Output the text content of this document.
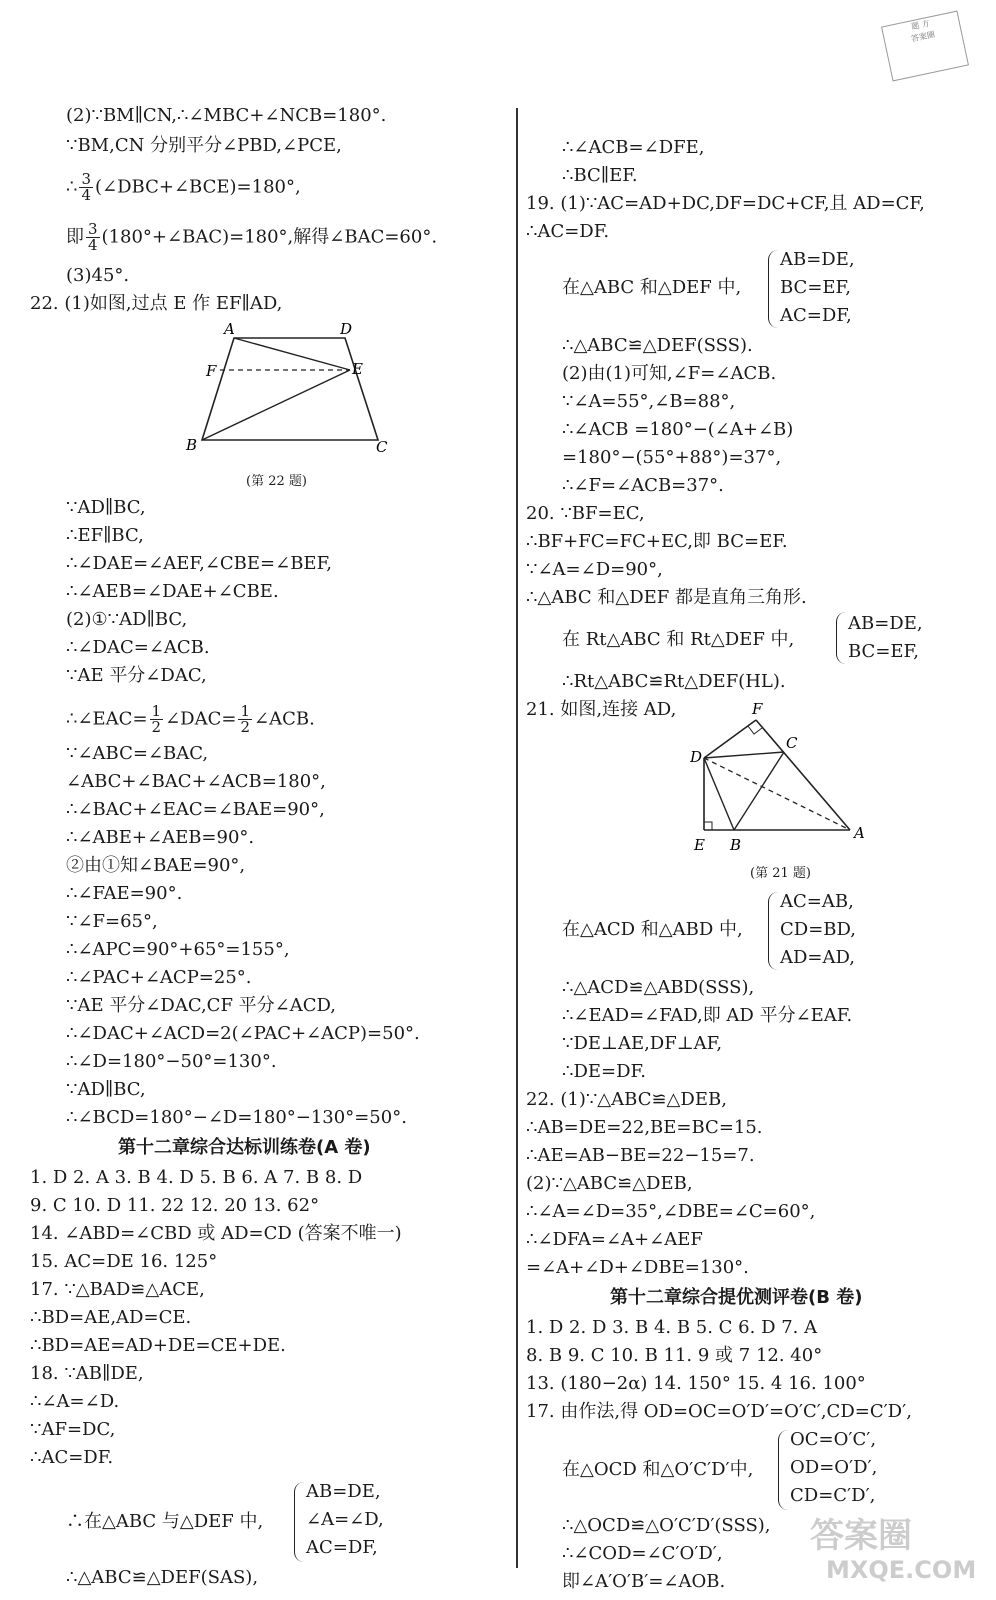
(2)∵BM∥CN,∴∠MBC+∠NCB=180°.
∵BM,CN 分别平分∠PBD,∠PCE,
∴ $\frac{3}{4}$ (∠DBC+∠BCE)=180°,
即 $\frac{3}{4}$ (180°+∠BAC)=180°,解得∠BAC=60°.
(3)45°.
22. (1)如图,过点 E 作 EF∥AD,
A	D
F	E
B	C
(第 22 题)
∵AD∥BC,
∴EF∥BC,
∴∠DAE=∠AEF,∠CBE=∠BEF,
∴∠AEB=∠DAE+∠CBE.
(2)①∵AD∥BC,
∴∠DAC=∠ACB.
∵AE 平分∠DAC,
∴∠EAC= $\frac{1}{2}$ ∠DAC= $\frac{1}{2}$ ∠ACB.
∵∠ABC=∠BAC,
∠ABC+∠BAC+∠ACB=180°,
∴∠BAC+∠EAC=∠BAE=90°,
∴∠ABE+∠AEB=90°.
②由①知∠BAE=90°,
∴∠FAE=90°.
∵∠F=65°,
∴∠APC=90°+65°=155°,
∴∠PAC+∠ACP=25°.
∵AE 平分∠DAC,CF 平分∠ACD,
∴∠DAC+∠ACD=2(∠PAC+∠ACP)=50°.
∴∠D=180°−50°=130°.
∵AD∥BC,
∴∠BCD=180°−∠D=180°−130°=50°.
第十二章综合达标训练卷(A 卷)
1. D 2. A 3. B 4. D 5. B 6. A 7. B 8. D
9. C 10. D 11. 22 12. 20 13. 62°
14. ∠ABD=∠CBD 或 AD=CD (答案不唯一)
15. AC=DE 16. 125°
17. ∵△BAD≌△ACE,
∴BD=AE,AD=CE.
∴BD=AE=AD+DE=CE+DE.
18. ∵AB∥DE,
∴∠A=∠D.
∵AF=DC,
∴AC=DF.
∴在△ABC 与△DEF 中,
AB=DE,
∠A=∠D,
AC=DF,
∴△ABC≌△DEF(SAS),
∴∠ACB=∠DFE,
∴BC∥EF.
19. (1)∵AC=AD+DC,DF=DC+CF,且 AD=CF,
∴AC=DF.
在△ABC 和△DEF 中,
AB=DE,
BC=EF,
AC=DF,
∴△ABC≌△DEF(SSS).
(2)由(1)可知,∠F=∠ACB.
∵∠A=55°,∠B=88°,
∴∠ACB =180°−(∠A+∠B)
=180°−(55°+88°)=37°,
∴∠F=∠ACB=37°.
20. ∵BF=EC,
∴BF+FC=FC+EC,即 BC=EF.
∵∠A=∠D=90°,
∴△ABC 和△DEF 都是直角三角形.
在 Rt△ABC 和 Rt△DEF 中,
AB=DE,
BC=EF,
∴Rt△ABC≌Rt△DEF(HL).
21. 如图,连接 AD,	F
C
D
E B
A
(第 21 题)
在△ACD 和△ABD 中,
AC=AB,
CD=BD,
AD=AD,
∴△ACD≌△ABD(SSS),
∴∠EAD=∠FAD,即 AD 平分∠EAF.
∵DE⊥AE,DF⊥AF,
∴DE=DF.
22. (1)∵△ABC≌△DEB,
∴AB=DE=22,BE=BC=15.
∴AE=AB−BE=22−15=7.
(2)∵△ABC≌△DEB,
∴∠A=∠D=35°,∠DBE=∠C=60°,
∴∠DFA=∠A+∠AEF
=∠A+∠D+∠DBE=130°.
第十二章综合提优测评卷(B 卷)
1. D 2. D 3. B 4. B 5. C 6. D 7. A
8. B 9. C 10. B 11. 9 或 7 12. 40°
13. (180−2α) 14. 150° 15. 4 16. 100°
17. 由作法,得 OD=OC=O′D′=O′C′,CD=C′D′,
在△OCD 和△O′C′D′中,
OC=O′C′,
OD=O′D′,
CD=C′D′,
∴△OCD≌△O′C′D′(SSS),
∴∠COD=∠C′O′D′,
即∠A′O′B′=∠AOB.
题 方
答案圈
答案圈
MXQE.COM
